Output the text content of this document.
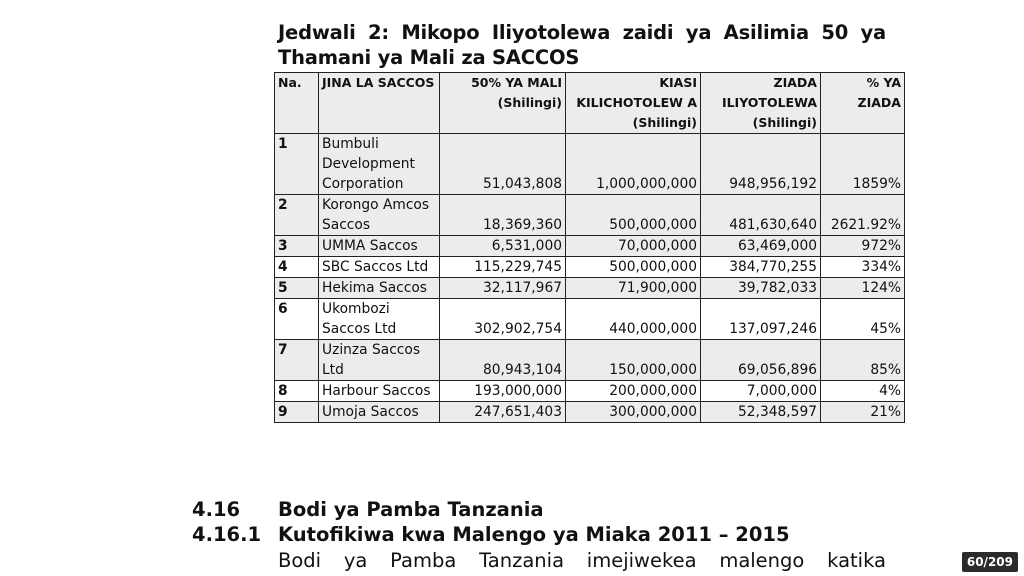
Jedwali 2: Mikopo Iliyotolewa zaidi ya Asilimia 50 ya
Thamani ya Mali za SACCOS
Na.	JINA LA SACCOS	50% YA MALI (Shilingi)	KIASI KILICHOTOLEW A (Shilingi)	ZIADA ILIYOTOLEWA (Shilingi)	% YA ZIADA
1	Bumbuli Development Corporation	51,043,808	1,000,000,000	948,956,192	1859%
2	Korongo Amcos Saccos	18,369,360	500,000,000	481,630,640	2621.92%
3	UMMA Saccos	6,531,000	70,000,000	63,469,000	972%
4	SBC Saccos Ltd	115,229,745	500,000,000	384,770,255	334%
5	Hekima Saccos	32,117,967	71,900,000	39,782,033	124%
6	Ukombozi Saccos Ltd	302,902,754	440,000,000	137,097,246	45%
7	Uzinza Saccos Ltd	80,943,104	150,000,000	69,056,896	85%
8	Harbour Saccos	193,000,000	200,000,000	7,000,000	4%
9	Umoja Saccos	247,651,403	300,000,000	52,348,597	21%
4.16 Bodi ya Pamba Tanzania
4.16.1 Kutofikiwa kwa Malengo ya Miaka 2011 – 2015

Bodi ya Pamba Tanzania imejiwekea malengo katika	60/209
